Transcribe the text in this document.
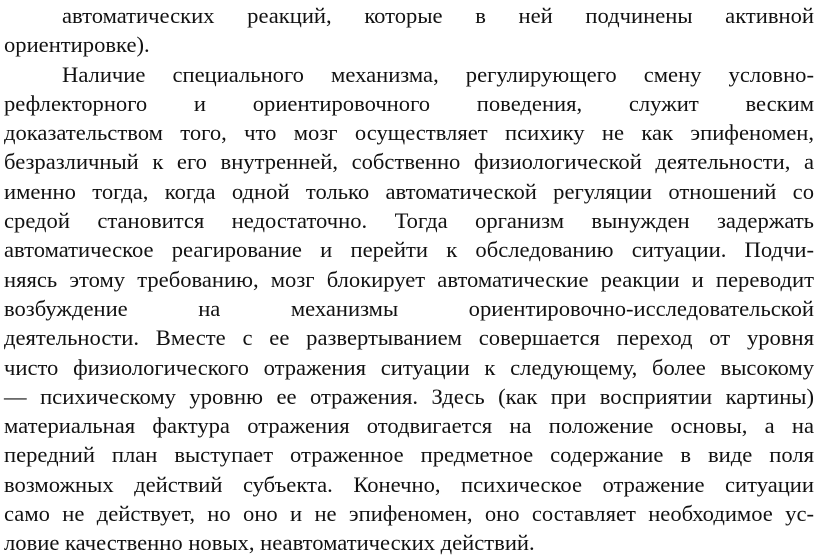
автоматических реакций, которые в ней подчинены активной
ориентировке).
Наличие специального механизма, регулирующего смену условно-
рефлекторного и ориентировочного поведения, служит веским
доказательством того, что мозг осуществляет психику не как эпифеномен,
безразличный к его внутренней, собственно физиологической деятельности, а
именно тогда, когда одной только автоматической регуляции отношений со
средой становится недостаточно. Тогда организм вынужден задержать
автоматическое реагирование и перейти к обследованию ситуации. Подчи-
няясь этому требованию, мозг блокирует автоматические реакции и переводит
возбуждение на механизмы ориентировочно-исследовательской
деятельности. Вместе с ее развертыванием совершается переход от уровня
чисто физиологического отражения ситуации к следующему, более высокому
— психическому уровню ее отражения. Здесь (как при восприятии картины)
материальная фактура отражения отодвигается на положение основы, а на
передний план выступает отраженное предметное содержание в виде поля
возможных действий субъекта. Конечно, психическое отражение ситуации
само не действует, но оно и не эпифеномен, оно составляет необходимое ус-
ловие качественно новых, неавтоматических действий.
